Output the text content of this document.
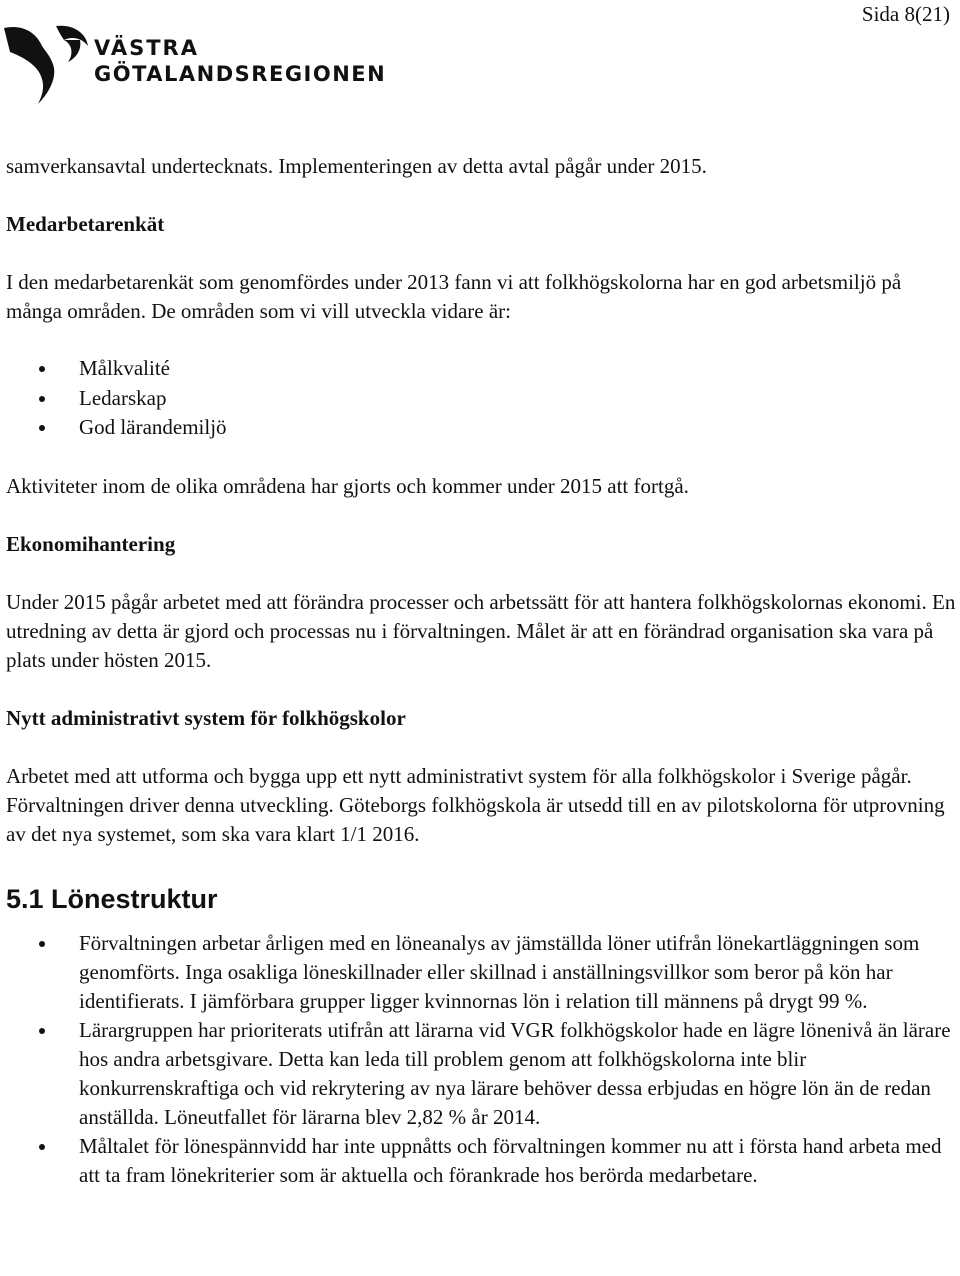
Sida 8(21)
VÄSTRA
GÖTALANDSREGIONEN

samverkansavtal undertecknats. Implementeringen av detta avtal pågår under 2015.

Medarbetarenkät

I den medarbetarenkät som genomfördes under 2013 fann vi att folkhögskolorna har en god arbetsmiljö på många områden. De områden som vi vill utveckla vidare är:

Målkvalité
Ledarskap
God lärandemiljö

Aktiviteter inom de olika områdena har gjorts och kommer under 2015 att fortgå.

Ekonomihantering

Under 2015 pågår arbetet med att förändra processer och arbetssätt för att hantera folkhögskolornas ekonomi. En utredning av detta är gjord och processas nu i förvaltningen. Målet är att en förändrad organisation ska vara på plats under hösten 2015.

Nytt administrativt system för folkhögskolor

Arbetet med att utforma och bygga upp ett nytt administrativt system för alla folkhögskolor i Sverige pågår. Förvaltningen driver denna utveckling. Göteborgs folkhögskola är utsedd till en av pilotskolorna för utprovning av det nya systemet, som ska vara klart 1/1 2016.

5.1 Lönestruktur
Förvaltningen arbetar årligen med en löneanalys av jämställda löner utifrån lönekartläggningen som genomförts. Inga osakliga löneskillnader eller skillnad i anställningsvillkor som beror på kön har identifierats. I jämförbara grupper ligger kvinnornas lön i relation till männens på drygt 99 %.
Lärargruppen har prioriterats utifrån att lärarna vid VGR folkhögskolor hade en lägre lönenivå än lärare hos andra arbetsgivare. Detta kan leda till problem genom att folkhögskolorna inte blir konkurrenskraftiga och vid rekrytering av nya lärare behöver dessa erbjudas en högre lön än de redan anställda. Löneutfallet för lärarna blev 2,82 % år 2014.
Måltalet för lönespännvidd har inte uppnåtts och förvaltningen kommer nu att i första hand arbeta med att ta fram lönekriterier som är aktuella och förankrade hos berörda medarbetare.
